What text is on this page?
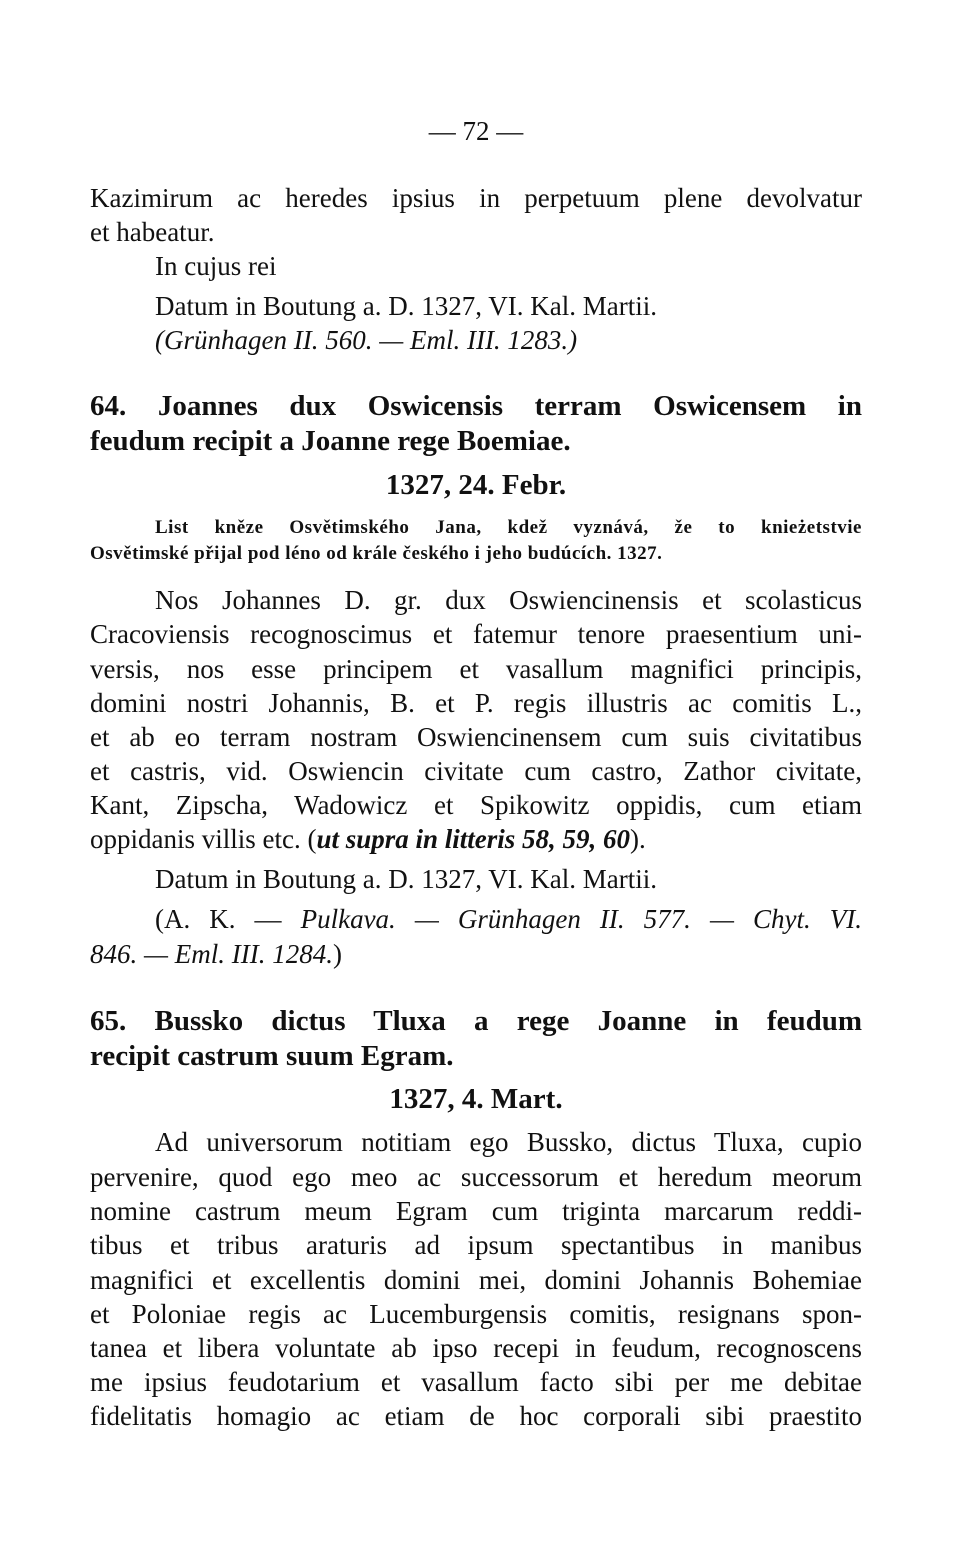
— 72 —
Kazimirum ac heredes ipsius in perpetuum plene devolvatur
et habeatur.
In cujus rei
Datum in Boutung a. D. 1327, VI. Kal. Martii.
(Grünhagen II. 560. — Eml. III. 1283.)
64. Joannes dux Oswicensis terram Oswicensem in
feudum recipit a Joanne rege Boemiae.
1327, 24. Febr.
List kněze Osvětimského Jana, kdež vyznává, že to knieżetstvie
Osvětimské přijal pod léno od krále českého i jeho budúcích. 1327.
Nos Johannes D. gr. dux Oswiencinensis et scolasticus
Cracoviensis recognoscimus et fatemur tenore praesentium uni-
versis, nos esse principem et vasallum magnifici principis,
domini nostri Johannis, B. et P. regis illustris ac comitis L.,
et ab eo terram nostram Oswiencinensem cum suis civitatibus
et castris, vid. Oswiencin civitate cum castro, Zathor civitate,
Kant, Zipscha, Wadowicz et Spikowitz oppidis, cum etiam
oppidanis villis etc. (ut supra in litteris 58, 59, 60).
Datum in Boutung a. D. 1327, VI. Kal. Martii.
(A. K. — Pulkava. — Grünhagen II. 577. — Chyt. VI.
846. — Eml. III. 1284.)
65. Bussko dictus Tluxa a rege Joanne in feudum
recipit castrum suum Egram.
1327, 4. Mart.
Ad universorum notitiam ego Bussko, dictus Tluxa, cupio
pervenire, quod ego meo ac successorum et heredum meorum
nomine castrum meum Egram cum triginta marcarum reddi-
tibus et tribus araturis ad ipsum spectantibus in manibus
magnifici et excellentis domini mei, domini Johannis Bohemiae
et Poloniae regis ac Lucemburgensis comitis, resignans spon-
tanea et libera voluntate ab ipso recepi in feudum, recognoscens
me ipsius feudotarium et vasallum facto sibi per me debitae
fidelitatis homagio ac etiam de hoc corporali sibi praestito
